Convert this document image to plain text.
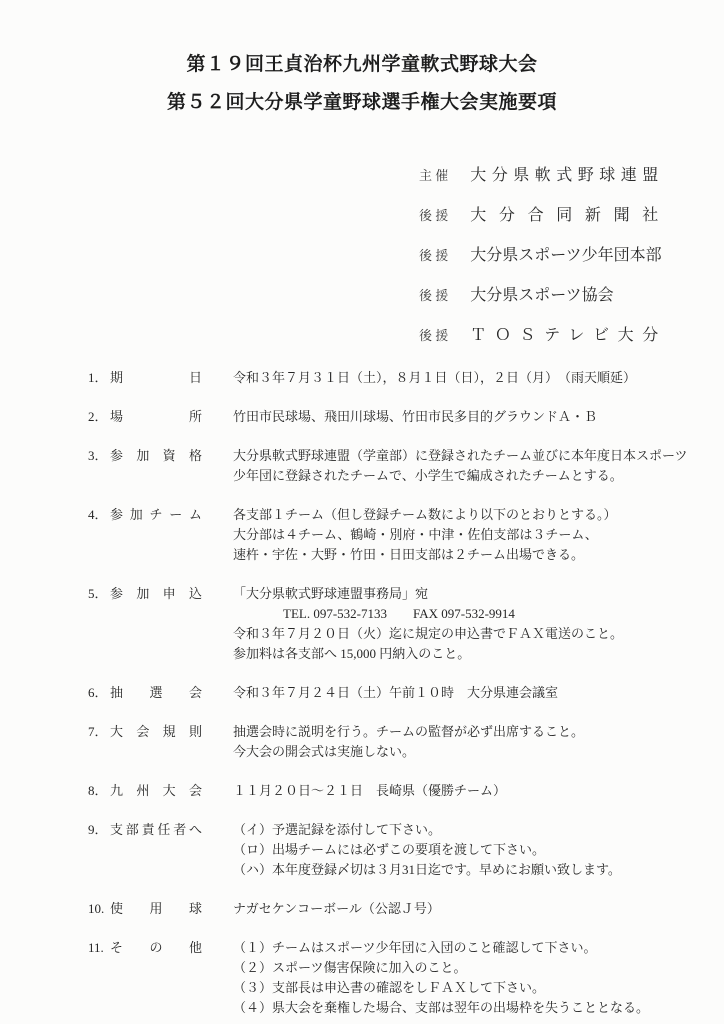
第１９回王貞治杯九州学童軟式野球大会
第５２回大分県学童野球選手権大会実施要項
主 催 大分県軟式野球連盟
後 援 大分合同新聞社
後 援 大分県スポーツ少年団本部
後 援 大分県スポーツ協会
後 援 ＴＯＳテレビ大分
1． 期日 令和３年７月３１日（土），８月１日（日），２日（月）　（雨天順延）
2． 場所 竹田市民球場、飛田川球場、竹田市民多目的グラウンドＡ・Ｂ
3． 参加資格 大分県軟式野球連盟（学童部）に登録されたチーム並びに本年度日本スポーツ
少年団に登録されたチームで、小学生で編成されたチームとする。
4． 参加チーム 各支部１チーム（但し登録チーム数により以下のとおりとする。）
大分部は４チーム、鶴崎・別府・中津・佐伯支部は３チーム、
速杵・宇佐・大野・竹田・日田支部は２チーム出場できる。
5． 参加申込 「大分県軟式野球連盟事務局」宛
TEL. 097-532-7133　　FAX 097-532-9914
令和３年７月２０日（火）迄に規定の申込書でＦＡＸ電送のこと。
参加料は各支部へ 15,000 円納入のこと。
6． 抽選会 令和３年７月２４日（土）午前１０時　大分県連会議室
7． 大会規則 抽選会時に説明を行う。チームの監督が必ず出席すること。
今大会の開会式は実施しない。
8． 九州大会 １１月２０日～２１日　長崎県（優勝チーム）
9． 支部責任者へ （イ）予選記録を添付して下さい。
（ロ）出場チームには必ずこの要項を渡して下さい。
（ハ）本年度登録〆切は３月31日迄です。早めにお願い致します。
10. 使用球 ナガセケンコーボール（公認Ｊ号）
11. その他 （１）チームはスポーツ少年団に入団のこと確認して下さい。
（２）スポーツ傷害保険に加入のこと。
（３）支部長は申込書の確認をしＦＡＸして下さい。
（４）県大会を棄権した場合、支部は翌年の出場枠を失うこととなる。
